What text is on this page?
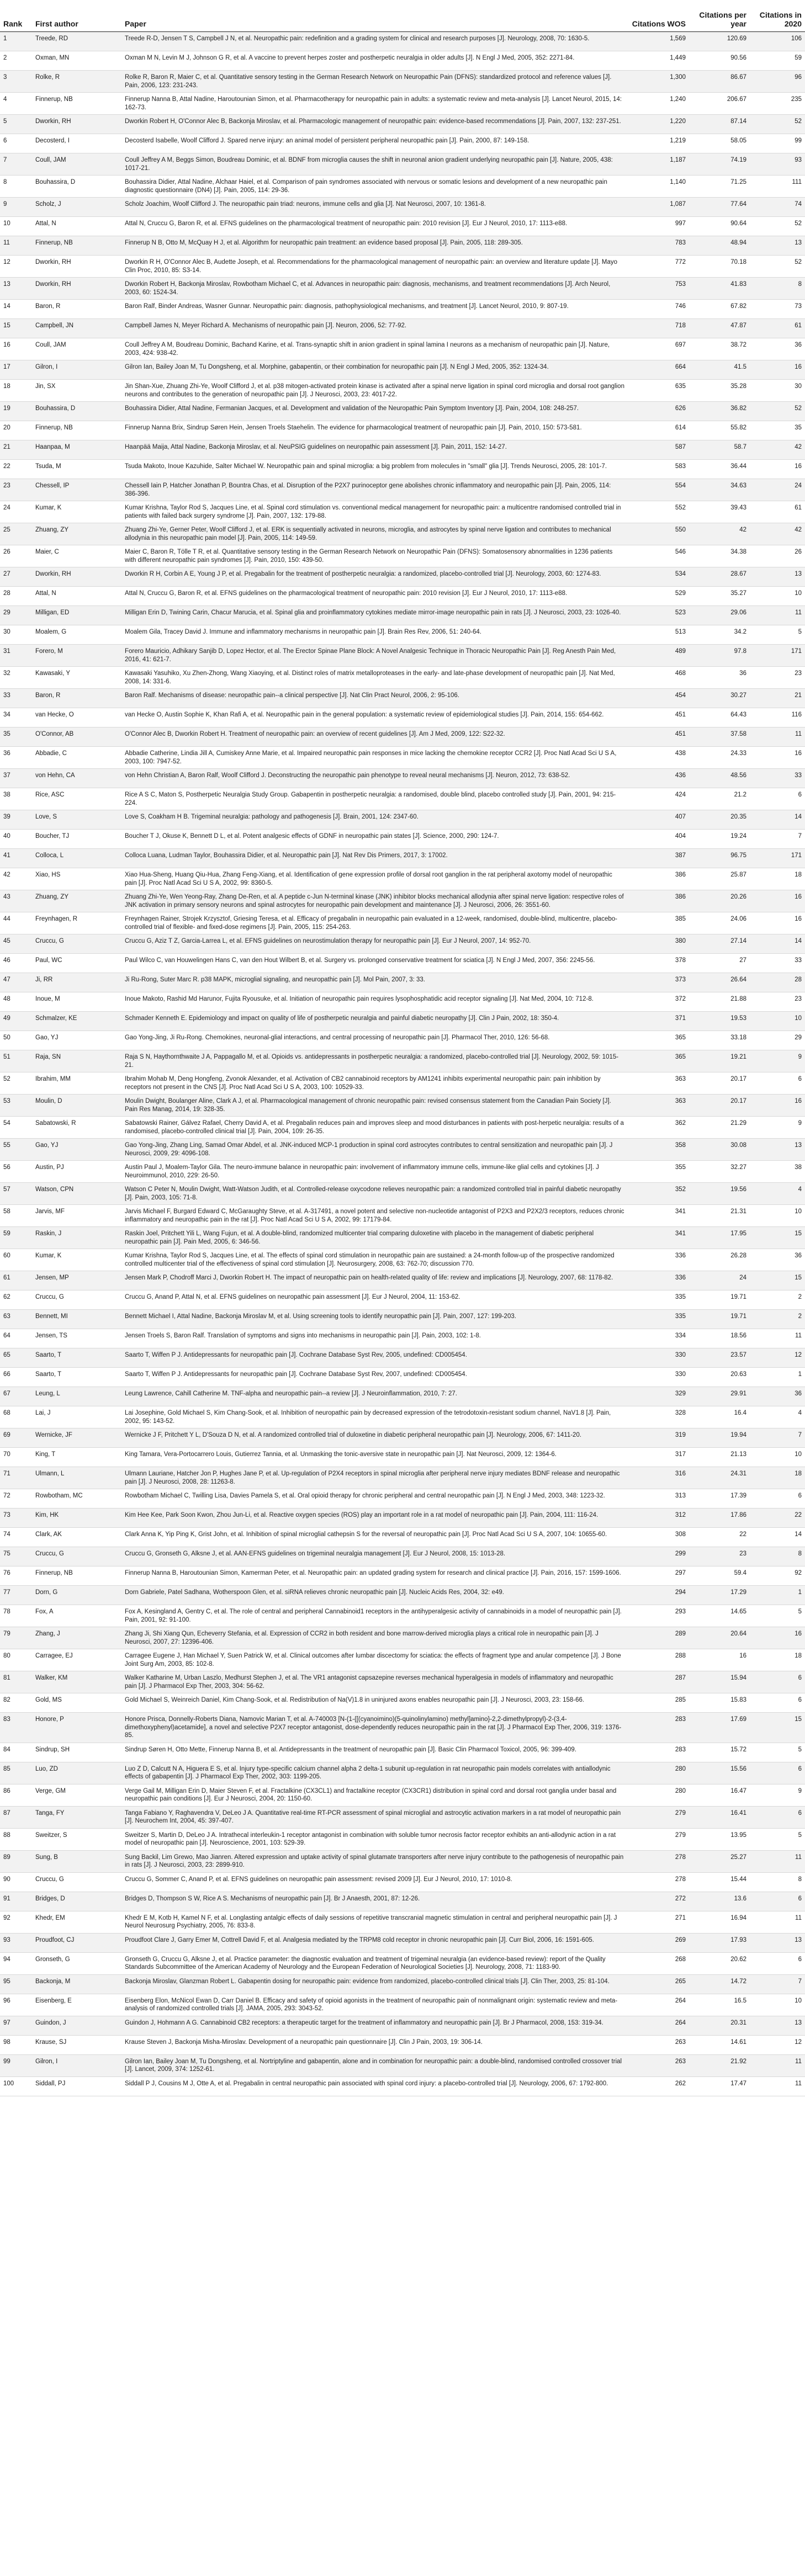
Rank	First author	Paper	Citations WOS	Citations per year	Citations in 2020
1	Treede, RD	Treede R-D, Jensen T S, Campbell J N, et al. Neuropathic pain: redefinition and a grading system for clinical and research purposes [J]. Neurology, 2008, 70: 1630-5.	1,569	120.69	106
2	Oxman, MN	Oxman M N, Levin M J, Johnson G R, et al. A vaccine to prevent herpes zoster and postherpetic neuralgia in older adults [J]. N Engl J Med, 2005, 352: 2271-84.	1,449	90.56	59
3	Rolke, R	Rolke R, Baron R, Maier C, et al. Quantitative sensory testing in the German Research Network on Neuropathic Pain (DFNS): standardized protocol and reference values [J]. Pain, 2006, 123: 231-243.	1,300	86.67	96
4	Finnerup, NB	Finnerup Nanna B, Attal Nadine, Haroutounian Simon, et al. Pharmacotherapy for neuropathic pain in adults: a systematic review and meta-analysis [J]. Lancet Neurol, 2015, 14: 162-73.	1,240	206.67	235
5	Dworkin, RH	Dworkin Robert H, O'Connor Alec B, Backonja Miroslav, et al. Pharmacologic management of neuropathic pain: evidence-based recommendations [J]. Pain, 2007, 132: 237-251.	1,220	87.14	52
6	Decosterd, I	Decosterd Isabelle, Woolf Clifford J. Spared nerve injury: an animal model of persistent peripheral neuropathic pain [J]. Pain, 2000, 87: 149-158.	1,219	58.05	99
7	Coull, JAM	Coull Jeffrey A M, Beggs Simon, Boudreau Dominic, et al. BDNF from microglia causes the shift in neuronal anion gradient underlying neuropathic pain [J]. Nature, 2005, 438: 1017-21.	1,187	74.19	93
8	Bouhassira, D	Bouhassira Didier, Attal Nadine, Alchaar Haiel, et al. Comparison of pain syndromes associated with nervous or somatic lesions and development of a new neuropathic pain diagnostic questionnaire (DN4) [J]. Pain, 2005, 114: 29-36.	1,140	71.25	111
9	Scholz, J	Scholz Joachim, Woolf Clifford J. The neuropathic pain triad: neurons, immune cells and glia [J]. Nat Neurosci, 2007, 10: 1361-8.	1,087	77.64	74
10	Attal, N	Attal N, Cruccu G, Baron R, et al. EFNS guidelines on the pharmacological treatment of neuropathic pain: 2010 revision [J]. Eur J Neurol, 2010, 17: 1113-e88.	997	90.64	52
11	Finnerup, NB	Finnerup N B, Otto M, McQuay H J, et al. Algorithm for neuropathic pain treatment: an evidence based proposal [J]. Pain, 2005, 118: 289-305.	783	48.94	13
12	Dworkin, RH	Dworkin R H, O'Connor Alec B, Audette Joseph, et al. Recommendations for the pharmacological management of neuropathic pain: an overview and literature update [J]. Mayo Clin Proc, 2010, 85: S3-14.	772	70.18	52
13	Dworkin, RH	Dworkin Robert H, Backonja Miroslav, Rowbotham Michael C, et al. Advances in neuropathic pain: diagnosis, mechanisms, and treatment recommendations [J]. Arch Neurol, 2003, 60: 1524-34.	753	41.83	8
14	Baron, R	Baron Ralf, Binder Andreas, Wasner Gunnar. Neuropathic pain: diagnosis, pathophysiological mechanisms, and treatment [J]. Lancet Neurol, 2010, 9: 807-19.	746	67.82	73
15	Campbell, JN	Campbell James N, Meyer Richard A. Mechanisms of neuropathic pain [J]. Neuron, 2006, 52: 77-92.	718	47.87	61
16	Coull, JAM	Coull Jeffrey A M, Boudreau Dominic, Bachand Karine, et al. Trans-synaptic shift in anion gradient in spinal lamina I neurons as a mechanism of neuropathic pain [J]. Nature, 2003, 424: 938-42.	697	38.72	36
17	Gilron, I	Gilron Ian, Bailey Joan M, Tu Dongsheng, et al. Morphine, gabapentin, or their combination for neuropathic pain [J]. N Engl J Med, 2005, 352: 1324-34.	664	41.5	16
18	Jin, SX	Jin Shan-Xue, Zhuang Zhi-Ye, Woolf Clifford J, et al. p38 mitogen-activated protein kinase is activated after a spinal nerve ligation in spinal cord microglia and dorsal root ganglion neurons and contributes to the generation of neuropathic pain [J]. J Neurosci, 2003, 23: 4017-22.	635	35.28	30
19	Bouhassira, D	Bouhassira Didier, Attal Nadine, Fermanian Jacques, et al. Development and validation of the Neuropathic Pain Symptom Inventory [J]. Pain, 2004, 108: 248-257.	626	36.82	52
20	Finnerup, NB	Finnerup Nanna Brix, Sindrup Søren Hein, Jensen Troels Staehelin. The evidence for pharmacological treatment of neuropathic pain [J]. Pain, 2010, 150: 573-581.	614	55.82	35
21	Haanpaa, M	Haanpää Maija, Attal Nadine, Backonja Miroslav, et al. NeuPSIG guidelines on neuropathic pain assessment [J]. Pain, 2011, 152: 14-27.	587	58.7	42
22	Tsuda, M	Tsuda Makoto, Inoue Kazuhide, Salter Michael W. Neuropathic pain and spinal microglia: a big problem from molecules in "small" glia [J]. Trends Neurosci, 2005, 28: 101-7.	583	36.44	16
23	Chessell, IP	Chessell Iain P, Hatcher Jonathan P, Bountra Chas, et al. Disruption of the P2X7 purinoceptor gene abolishes chronic inflammatory and neuropathic pain [J]. Pain, 2005, 114: 386-396.	554	34.63	24
24	Kumar, K	Kumar Krishna, Taylor Rod S, Jacques Line, et al. Spinal cord stimulation vs. conventional medical management for neuropathic pain: a multicentre randomised controlled trial in patients with failed back surgery syndrome [J]. Pain, 2007, 132: 179-88.	552	39.43	61
25	Zhuang, ZY	Zhuang Zhi-Ye, Gerner Peter, Woolf Clifford J, et al. ERK is sequentially activated in neurons, microglia, and astrocytes by spinal nerve ligation and contributes to mechanical allodynia in this neuropathic pain model [J]. Pain, 2005, 114: 149-59.	550	42	42
26	Maier, C	Maier C, Baron R, Tölle T R, et al. Quantitative sensory testing in the German Research Network on Neuropathic Pain (DFNS): Somatosensory abnormalities in 1236 patients with different neuropathic pain syndromes [J]. Pain, 2010, 150: 439-50.	546	34.38	26
27	Dworkin, RH	Dworkin R H, Corbin A E, Young J P, et al. Pregabalin for the treatment of postherpetic neuralgia: a randomized, placebo-controlled trial [J]. Neurology, 2003, 60: 1274-83.	534	28.67	13
28	Attal, N	Attal N, Cruccu G, Baron R, et al. EFNS guidelines on the pharmacological treatment of neuropathic pain: 2010 revision [J]. Eur J Neurol, 2010, 17: 1113-e88.	529	35.27	10
29	Milligan, ED	Milligan Erin D, Twining Carin, Chacur Marucia, et al. Spinal glia and proinflammatory cytokines mediate mirror-image neuropathic pain in rats [J]. J Neurosci, 2003, 23: 1026-40.	523	29.06	11
30	Moalem, G	Moalem Gila, Tracey David J. Immune and inflammatory mechanisms in neuropathic pain [J]. Brain Res Rev, 2006, 51: 240-64.	513	34.2	5
31	Forero, M	Forero Mauricio, Adhikary Sanjib D, Lopez Hector, et al. The Erector Spinae Plane Block: A Novel Analgesic Technique in Thoracic Neuropathic Pain [J]. Reg Anesth Pain Med, 2016, 41: 621-7.	489	97.8	171
32	Kawasaki, Y	Kawasaki Yasuhiko, Xu Zhen-Zhong, Wang Xiaoying, et al. Distinct roles of matrix metalloproteases in the early- and late-phase development of neuropathic pain [J]. Nat Med, 2008, 14: 331-6.	468	36	23
33	Baron, R	Baron Ralf. Mechanisms of disease: neuropathic pain--a clinical perspective [J]. Nat Clin Pract Neurol, 2006, 2: 95-106.	454	30.27	21
34	van Hecke, O	van Hecke O, Austin Sophie K, Khan Rafi A, et al. Neuropathic pain in the general population: a systematic review of epidemiological studies [J]. Pain, 2014, 155: 654-662.	451	64.43	116
35	O'Connor, AB	O'Connor Alec B, Dworkin Robert H. Treatment of neuropathic pain: an overview of recent guidelines [J]. Am J Med, 2009, 122: S22-32.	451	37.58	11
36	Abbadie, C	Abbadie Catherine, Lindia Jill A, Cumiskey Anne Marie, et al. Impaired neuropathic pain responses in mice lacking the chemokine receptor CCR2 [J]. Proc Natl Acad Sci U S A, 2003, 100: 7947-52.	438	24.33	16
37	von Hehn, CA	von Hehn Christian A, Baron Ralf, Woolf Clifford J. Deconstructing the neuropathic pain phenotype to reveal neural mechanisms [J]. Neuron, 2012, 73: 638-52.	436	48.56	33
38	Rice, ASC	Rice A S C, Maton S, Postherpetic Neuralgia Study Group. Gabapentin in postherpetic neuralgia: a randomised, double blind, placebo controlled study [J]. Pain, 2001, 94: 215-224.	424	21.2	6
39	Love, S	Love S, Coakham H B. Trigeminal neuralgia: pathology and pathogenesis [J]. Brain, 2001, 124: 2347-60.	407	20.35	14
40	Boucher, TJ	Boucher T J, Okuse K, Bennett D L, et al. Potent analgesic effects of GDNF in neuropathic pain states [J]. Science, 2000, 290: 124-7.	404	19.24	7
41	Colloca, L	Colloca Luana, Ludman Taylor, Bouhassira Didier, et al. Neuropathic pain [J]. Nat Rev Dis Primers, 2017, 3: 17002.	387	96.75	171
42	Xiao, HS	Xiao Hua-Sheng, Huang Qiu-Hua, Zhang Feng-Xiang, et al. Identification of gene expression profile of dorsal root ganglion in the rat peripheral axotomy model of neuropathic pain [J]. Proc Natl Acad Sci U S A, 2002, 99: 8360-5.	386	25.87	18
43	Zhuang, ZY	Zhuang Zhi-Ye, Wen Yeong-Ray, Zhang De-Ren, et al. A peptide c-Jun N-terminal kinase (JNK) inhibitor blocks mechanical allodynia after spinal nerve ligation: respective roles of JNK activation in primary sensory neurons and spinal astrocytes for neuropathic pain development and maintenance [J]. J Neurosci, 2006, 26: 3551-60.	386	20.26	16
44	Freynhagen, R	Freynhagen Rainer, Strojek Krzysztof, Griesing Teresa, et al. Efficacy of pregabalin in neuropathic pain evaluated in a 12-week, randomised, double-blind, multicentre, placebo-controlled trial of flexible- and fixed-dose regimens [J]. Pain, 2005, 115: 254-263.	385	24.06	16
45	Cruccu, G	Cruccu G, Aziz T Z, Garcia-Larrea L, et al. EFNS guidelines on neurostimulation therapy for neuropathic pain [J]. Eur J Neurol, 2007, 14: 952-70.	380	27.14	14
46	Paul, WC	Paul Wilco C, van Houwelingen Hans C, van den Hout Wilbert B, et al. Surgery vs. prolonged conservative treatment for sciatica [J]. N Engl J Med, 2007, 356: 2245-56.	378	27	33
47	Ji, RR	Ji Ru-Rong, Suter Marc R. p38 MAPK, microglial signaling, and neuropathic pain [J]. Mol Pain, 2007, 3: 33.	373	26.64	28
48	Inoue, M	Inoue Makoto, Rashid Md Harunor, Fujita Ryousuke, et al. Initiation of neuropathic pain requires lysophosphatidic acid receptor signaling [J]. Nat Med, 2004, 10: 712-8.	372	21.88	23
49	Schmalzer, KE	Schmader Kenneth E. Epidemiology and impact on quality of life of postherpetic neuralgia and painful diabetic neuropathy [J]. Clin J Pain, 2002, 18: 350-4.	371	19.53	10
50	Gao, YJ	Gao Yong-Jing, Ji Ru-Rong. Chemokines, neuronal-glial interactions, and central processing of neuropathic pain [J]. Pharmacol Ther, 2010, 126: 56-68.	365	33.18	29
51	Raja, SN	Raja S N, Haythornthwaite J A, Pappagallo M, et al. Opioids vs. antidepressants in postherpetic neuralgia: a randomized, placebo-controlled trial [J]. Neurology, 2002, 59: 1015-21.	365	19.21	9
52	Ibrahim, MM	Ibrahim Mohab M, Deng Hongfeng, Zvonok Alexander, et al. Activation of CB2 cannabinoid receptors by AM1241 inhibits experimental neuropathic pain: pain inhibition by receptors not present in the CNS [J]. Proc Natl Acad Sci U S A, 2003, 100: 10529-33.	363	20.17	6
53	Moulin, D	Moulin Dwight, Boulanger Aline, Clark A J, et al. Pharmacological management of chronic neuropathic pain: revised consensus statement from the Canadian Pain Society [J]. Pain Res Manag, 2014, 19: 328-35.	363	20.17	16
54	Sabatowski, R	Sabatowski Rainer, Gálvez Rafael, Cherry David A, et al. Pregabalin reduces pain and improves sleep and mood disturbances in patients with post-herpetic neuralgia: results of a randomised, placebo-controlled clinical trial [J]. Pain, 2004, 109: 26-35.	362	21.29	9
55	Gao, YJ	Gao Yong-Jing, Zhang Ling, Samad Omar Abdel, et al. JNK-induced MCP-1 production in spinal cord astrocytes contributes to central sensitization and neuropathic pain [J]. J Neurosci, 2009, 29: 4096-108.	358	30.08	13
56	Austin, PJ	Austin Paul J, Moalem-Taylor Gila. The neuro-immune balance in neuropathic pain: involvement of inflammatory immune cells, immune-like glial cells and cytokines [J]. J Neuroimmunol, 2010, 229: 26-50.	355	32.27	38
57	Watson, CPN	Watson C Peter N, Moulin Dwight, Watt-Watson Judith, et al. Controlled-release oxycodone relieves neuropathic pain: a randomized controlled trial in painful diabetic neuropathy [J]. Pain, 2003, 105: 71-8.	352	19.56	4
58	Jarvis, MF	Jarvis Michael F, Burgard Edward C, McGaraughty Steve, et al. A-317491, a novel potent and selective non-nucleotide antagonist of P2X3 and P2X2/3 receptors, reduces chronic inflammatory and neuropathic pain in the rat [J]. Proc Natl Acad Sci U S A, 2002, 99: 17179-84.	341	21.31	10
59	Raskin, J	Raskin Joel, Pritchett Yili L, Wang Fujun, et al. A double-blind, randomized multicenter trial comparing duloxetine with placebo in the management of diabetic peripheral neuropathic pain [J]. Pain Med, 2005, 6: 346-56.	341	17.95	15
60	Kumar, K	Kumar Krishna, Taylor Rod S, Jacques Line, et al. The effects of spinal cord stimulation in neuropathic pain are sustained: a 24-month follow-up of the prospective randomized controlled multicenter trial of the effectiveness of spinal cord stimulation [J]. Neurosurgery, 2008, 63: 762-70; discussion 770.	336	26.28	36
61	Jensen, MP	Jensen Mark P, Chodroff Marci J, Dworkin Robert H. The impact of neuropathic pain on health-related quality of life: review and implications [J]. Neurology, 2007, 68: 1178-82.	336	24	15
62	Cruccu, G	Cruccu G, Anand P, Attal N, et al. EFNS guidelines on neuropathic pain assessment [J]. Eur J Neurol, 2004, 11: 153-62.	335	19.71	2
63	Bennett, MI	Bennett Michael I, Attal Nadine, Backonja Miroslav M, et al. Using screening tools to identify neuropathic pain [J]. Pain, 2007, 127: 199-203.	335	19.71	2
64	Jensen, TS	Jensen Troels S, Baron Ralf. Translation of symptoms and signs into mechanisms in neuropathic pain [J]. Pain, 2003, 102: 1-8.	334	18.56	11
65	Saarto, T	Saarto T, Wiffen P J. Antidepressants for neuropathic pain [J]. Cochrane Database Syst Rev, 2005, undefined: CD005454.	330	23.57	12
66	Saarto, T	Saarto T, Wiffen P J. Antidepressants for neuropathic pain [J]. Cochrane Database Syst Rev, 2007, undefined: CD005454.	330	20.63	1
67	Leung, L	Leung Lawrence, Cahill Catherine M. TNF-alpha and neuropathic pain--a review [J]. J Neuroinflammation, 2010, 7: 27.	329	29.91	36
68	Lai, J	Lai Josephine, Gold Michael S, Kim Chang-Sook, et al. Inhibition of neuropathic pain by decreased expression of the tetrodotoxin-resistant sodium channel, NaV1.8 [J]. Pain, 2002, 95: 143-52.	328	16.4	4
69	Wernicke, JF	Wernicke J F, Pritchett Y L, D'Souza D N, et al. A randomized controlled trial of duloxetine in diabetic peripheral neuropathic pain [J]. Neurology, 2006, 67: 1411-20.	319	19.94	7
70	King, T	King Tamara, Vera-Portocarrero Louis, Gutierrez Tannia, et al. Unmasking the tonic-aversive state in neuropathic pain [J]. Nat Neurosci, 2009, 12: 1364-6.	317	21.13	10
71	Ulmann, L	Ulmann Lauriane, Hatcher Jon P, Hughes Jane P, et al. Up-regulation of P2X4 receptors in spinal microglia after peripheral nerve injury mediates BDNF release and neuropathic pain [J]. J Neurosci, 2008, 28: 11263-8.	316	24.31	18
72	Rowbotham, MC	Rowbotham Michael C, Twilling Lisa, Davies Pamela S, et al. Oral opioid therapy for chronic peripheral and central neuropathic pain [J]. N Engl J Med, 2003, 348: 1223-32.	313	17.39	6
73	Kim, HK	Kim Hee Kee, Park Soon Kwon, Zhou Jun-Li, et al. Reactive oxygen species (ROS) play an important role in a rat model of neuropathic pain [J]. Pain, 2004, 111: 116-24.	312	17.86	22
74	Clark, AK	Clark Anna K, Yip Ping K, Grist John, et al. Inhibition of spinal microglial cathepsin S for the reversal of neuropathic pain [J]. Proc Natl Acad Sci U S A, 2007, 104: 10655-60.	308	22	14
75	Cruccu, G	Cruccu G, Gronseth G, Alksne J, et al. AAN-EFNS guidelines on trigeminal neuralgia management [J]. Eur J Neurol, 2008, 15: 1013-28.	299	23	8
76	Finnerup, NB	Finnerup Nanna B, Haroutounian Simon, Kamerman Peter, et al. Neuropathic pain: an updated grading system for research and clinical practice [J]. Pain, 2016, 157: 1599-1606.	297	59.4	92
77	Dorn, G	Dorn Gabriele, Patel Sadhana, Wotherspoon Glen, et al. siRNA relieves chronic neuropathic pain [J]. Nucleic Acids Res, 2004, 32: e49.	294	17.29	1
78	Fox, A	Fox A, Kesingland A, Gentry C, et al. The role of central and peripheral Cannabinoid1 receptors in the antihyperalgesic activity of cannabinoids in a model of neuropathic pain [J]. Pain, 2001, 92: 91-100.	293	14.65	5
79	Zhang, J	Zhang Ji, Shi Xiang Qun, Echeverry Stefania, et al. Expression of CCR2 in both resident and bone marrow-derived microglia plays a critical role in neuropathic pain [J]. J Neurosci, 2007, 27: 12396-406.	289	20.64	16
80	Carragee, EJ	Carragee Eugene J, Han Michael Y, Suen Patrick W, et al. Clinical outcomes after lumbar discectomy for sciatica: the effects of fragment type and anular competence [J]. J Bone Joint Surg Am, 2003, 85: 102-8.	288	16	18
81	Walker, KM	Walker Katharine M, Urban Laszlo, Medhurst Stephen J, et al. The VR1 antagonist capsazepine reverses mechanical hyperalgesia in models of inflammatory and neuropathic pain [J]. J Pharmacol Exp Ther, 2003, 304: 56-62.	287	15.94	6
82	Gold, MS	Gold Michael S, Weinreich Daniel, Kim Chang-Sook, et al. Redistribution of Na(V)1.8 in uninjured axons enables neuropathic pain [J]. J Neurosci, 2003, 23: 158-66.	285	15.83	6
83	Honore, P	Honore Prisca, Donnelly-Roberts Diana, Namovic Marian T, et al. A-740003 [N-(1-{[(cyanoimino)(5-quinolinylamino) methyl]amino}-2,2-dimethylpropyl)-2-(3,4-dimethoxyphenyl)acetamide], a novel and selective P2X7 receptor antagonist, dose-dependently reduces neuropathic pain in the rat [J]. J Pharmacol Exp Ther, 2006, 319: 1376-85.	283	17.69	15
84	Sindrup, SH	Sindrup Søren H, Otto Mette, Finnerup Nanna B, et al. Antidepressants in the treatment of neuropathic pain [J]. Basic Clin Pharmacol Toxicol, 2005, 96: 399-409.	283	15.72	5
85	Luo, ZD	Luo Z D, Calcutt N A, Higuera E S, et al. Injury type-specific calcium channel alpha 2 delta-1 subunit up-regulation in rat neuropathic pain models correlates with antiallodynic effects of gabapentin [J]. J Pharmacol Exp Ther, 2002, 303: 1199-205.	280	15.56	6
86	Verge, GM	Verge Gail M, Milligan Erin D, Maier Steven F, et al. Fractalkine (CX3CL1) and fractalkine receptor (CX3CR1) distribution in spinal cord and dorsal root ganglia under basal and neuropathic pain conditions [J]. Eur J Neurosci, 2004, 20: 1150-60.	280	16.47	9
87	Tanga, FY	Tanga Fabiano Y, Raghavendra V, DeLeo J A. Quantitative real-time RT-PCR assessment of spinal microglial and astrocytic activation markers in a rat model of neuropathic pain [J]. Neurochem Int, 2004, 45: 397-407.	279	16.41	6
88	Sweitzer, S	Sweitzer S, Martin D, DeLeo J A. Intrathecal interleukin-1 receptor antagonist in combination with soluble tumor necrosis factor receptor exhibits an anti-allodynic action in a rat model of neuropathic pain [J]. Neuroscience, 2001, 103: 529-39.	279	13.95	5
89	Sung, B	Sung Backil, Lim Grewo, Mao Jianren. Altered expression and uptake activity of spinal glutamate transporters after nerve injury contribute to the pathogenesis of neuropathic pain in rats [J]. J Neurosci, 2003, 23: 2899-910.	278	25.27	11
90	Cruccu, G	Cruccu G, Sommer C, Anand P, et al. EFNS guidelines on neuropathic pain assessment: revised 2009 [J]. Eur J Neurol, 2010, 17: 1010-8.	278	15.44	8
91	Bridges, D	Bridges D, Thompson S W, Rice A S. Mechanisms of neuropathic pain [J]. Br J Anaesth, 2001, 87: 12-26.	272	13.6	6
92	Khedr, EM	Khedr E M, Kotb H, Kamel N F, et al. Longlasting antalgic effects of daily sessions of repetitive transcranial magnetic stimulation in central and peripheral neuropathic pain [J]. J Neurol Neurosurg Psychiatry, 2005, 76: 833-8.	271	16.94	11
93	Proudfoot, CJ	Proudfoot Clare J, Garry Emer M, Cottrell David F, et al. Analgesia mediated by the TRPM8 cold receptor in chronic neuropathic pain [J]. Curr Biol, 2006, 16: 1591-605.	269	17.93	13
94	Gronseth, G	Gronseth G, Cruccu G, Alksne J, et al. Practice parameter: the diagnostic evaluation and treatment of trigeminal neuralgia (an evidence-based review): report of the Quality Standards Subcommittee of the American Academy of Neurology and the European Federation of Neurological Societies [J]. Neurology, 2008, 71: 1183-90.	268	20.62	6
95	Backonja, M	Backonja Miroslav, Glanzman Robert L. Gabapentin dosing for neuropathic pain: evidence from randomized, placebo-controlled clinical trials [J]. Clin Ther, 2003, 25: 81-104.	265	14.72	7
96	Eisenberg, E	Eisenberg Elon, McNicol Ewan D, Carr Daniel B. Efficacy and safety of opioid agonists in the treatment of neuropathic pain of nonmalignant origin: systematic review and meta-analysis of randomized controlled trials [J]. JAMA, 2005, 293: 3043-52.	264	16.5	10
97	Guindon, J	Guindon J, Hohmann A G. Cannabinoid CB2 receptors: a therapeutic target for the treatment of inflammatory and neuropathic pain [J]. Br J Pharmacol, 2008, 153: 319-34.	264	20.31	13
98	Krause, SJ	Krause Steven J, Backonja Misha-Miroslav. Development of a neuropathic pain questionnaire [J]. Clin J Pain, 2003, 19: 306-14.	263	14.61	12
99	Gilron, I	Gilron Ian, Bailey Joan M, Tu Dongsheng, et al. Nortriptyline and gabapentin, alone and in combination for neuropathic pain: a double-blind, randomised controlled crossover trial [J]. Lancet, 2009, 374: 1252-61.	263	21.92	11
100	Siddall, PJ	Siddall P J, Cousins M J, Otte A, et al. Pregabalin in central neuropathic pain associated with spinal cord injury: a placebo-controlled trial [J]. Neurology, 2006, 67: 1792-800.	262	17.47	11
